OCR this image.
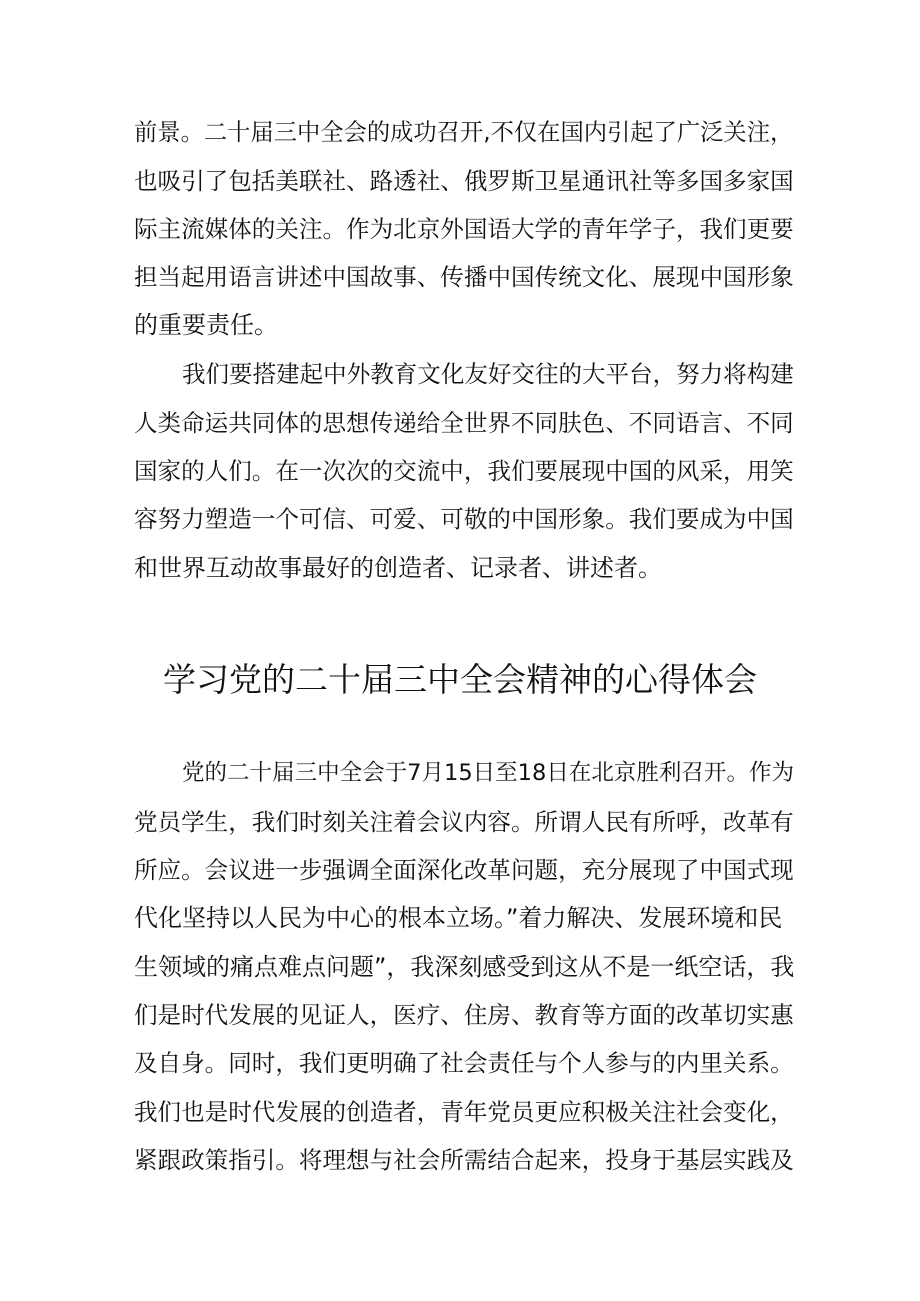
前景。二十届三中全会的成功召开,不仅在国内引起了广泛关注，
也吸引了包括美联社、路透社、俄罗斯卫星通讯社等多国多家国
际主流媒体的关注。作为北京外国语大学的青年学子，我们更要
担当起用语言讲述中国故事、传播中国传统文化、展现中国形象
的重要责任。
我们要搭建起中外教育文化友好交往的大平台，努力将构建
人类命运共同体的思想传递给全世界不同肤色、不同语言、不同
国家的人们。在一次次的交流中，我们要展现中国的风采，用笑
容努力塑造一个可信、可爱、可敬的中国形象。我们要成为中国
和世界互动故事最好的创造者、记录者、讲述者。
学习党的二十届三中全会精神的心得体会
党的二十届三中全会于7月15日至18日在北京胜利召开。作为
党员学生，我们时刻关注着会议内容。所谓人民有所呼，改革有
所应。会议进一步强调全面深化改革问题，充分展现了中国式现
代化坚持以人民为中心的根本立场。”着力解决、发展环境和民
生领域的痛点难点问题”，我深刻感受到这从不是一纸空话，我
们是时代发展的见证人，医疗、住房、教育等方面的改革切实惠
及自身。同时，我们更明确了社会责任与个人参与的内里关系。
我们也是时代发展的创造者，青年党员更应积极关注社会变化，
紧跟政策指引。将理想与社会所需结合起来，投身于基层实践及
